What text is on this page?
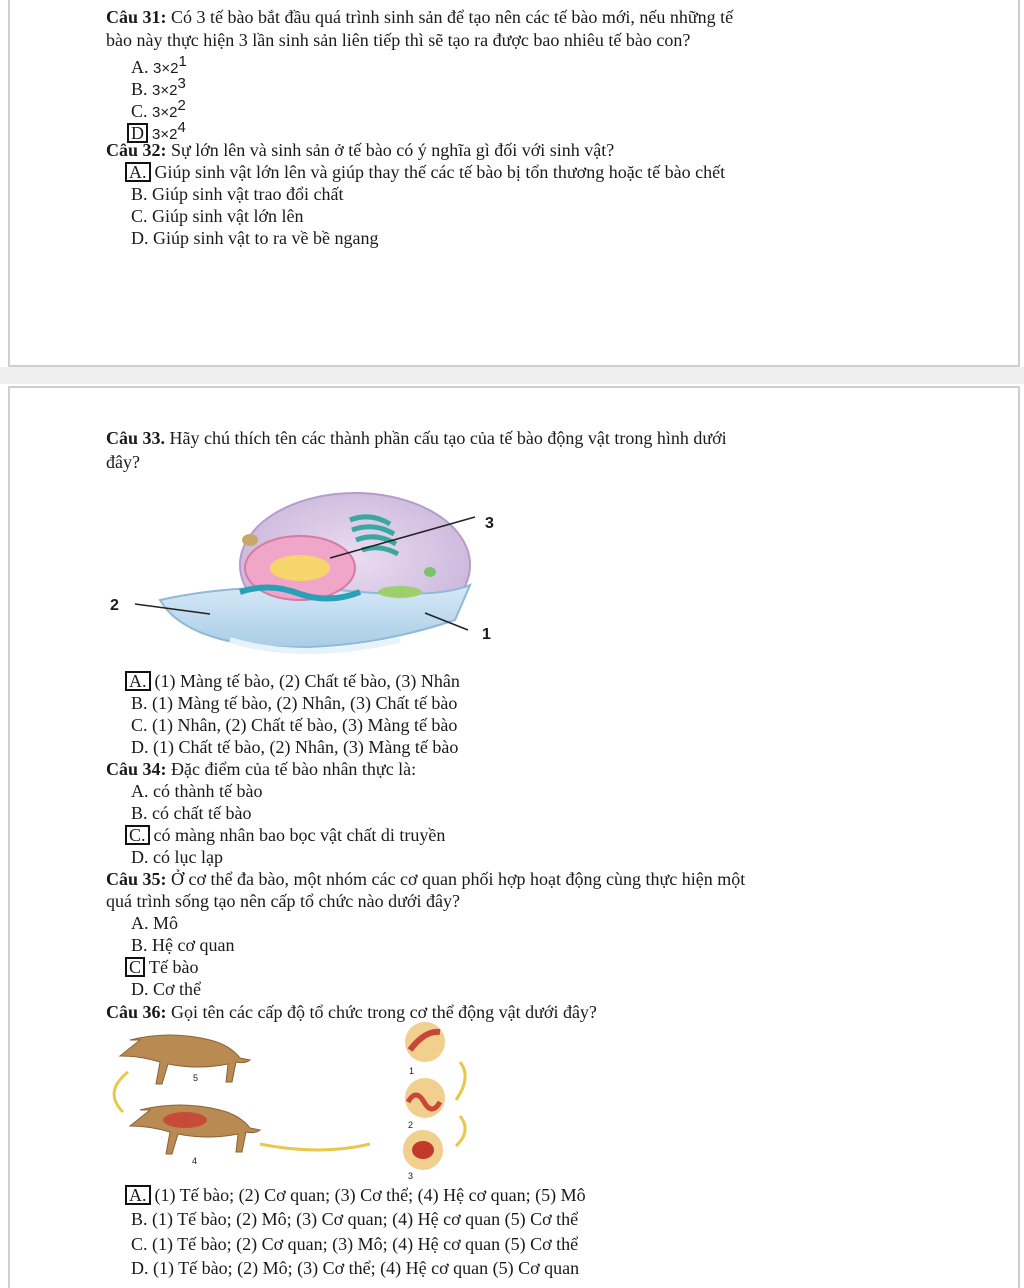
Câu 31: Có 3 tế bào bắt đầu quá trình sinh sản để tạo nên các tế bào mới, nếu những tế
bào này thực hiện 3 lần sinh sản liên tiếp thì sẽ tạo ra được bao nhiêu tế bào con?
A. $3\times 2^1$
B. $3\times 2^3$
C. $3\times 2^2$
D $3\times 2^4$
Câu 32: Sự lớn lên và sinh sản ở tế bào có ý nghĩa gì đối với sinh vật?
A. Giúp sinh vật lớn lên và giúp thay thế các tế bào bị tổn thương hoặc tế bào chết
B. Giúp sinh vật trao đổi chất
C. Giúp sinh vật lớn lên
D. Giúp sinh vật to ra về bề ngang
Câu 33. Hãy chú thích tên các thành phần cấu tạo của tế bào động vật trong hình dưới
đây?
3
2
1
A. (1) Màng tế bào, (2) Chất tế bào, (3) Nhân
B. (1) Màng tế bào, (2) Nhân, (3) Chất tế bào
C. (1) Nhân, (2) Chất tế bào, (3) Màng tế bào
D. (1) Chất tế bào, (2) Nhân, (3) Màng tế bào
Câu 34: Đặc điểm của tế bào nhân thực là:
A. có thành tế bào
B. có chất tế bào
C. có màng nhân bao bọc vật chất di truyền
D. có lục lạp
Câu 35: Ở cơ thể đa bào, một nhóm các cơ quan phối hợp hoạt động cùng thực hiện một
quá trình sống tạo nên cấp tổ chức nào dưới đây?
A. Mô
B. Hệ cơ quan
C Tế bào
D. Cơ thể
Câu 36: Gọi tên các cấp độ tổ chức trong cơ thể động vật dưới đây?
5
1
2
4
3
A. (1) Tế bào; (2) Cơ quan; (3) Cơ thể; (4) Hệ cơ quan; (5) Mô
B. (1) Tế bào; (2) Mô; (3) Cơ quan; (4) Hệ cơ quan (5) Cơ thể
C. (1) Tế bào; (2) Cơ quan; (3) Mô; (4) Hệ cơ quan (5) Cơ thể
D. (1) Tế bào; (2) Mô; (3) Cơ thể; (4) Hệ cơ quan (5) Cơ quan
